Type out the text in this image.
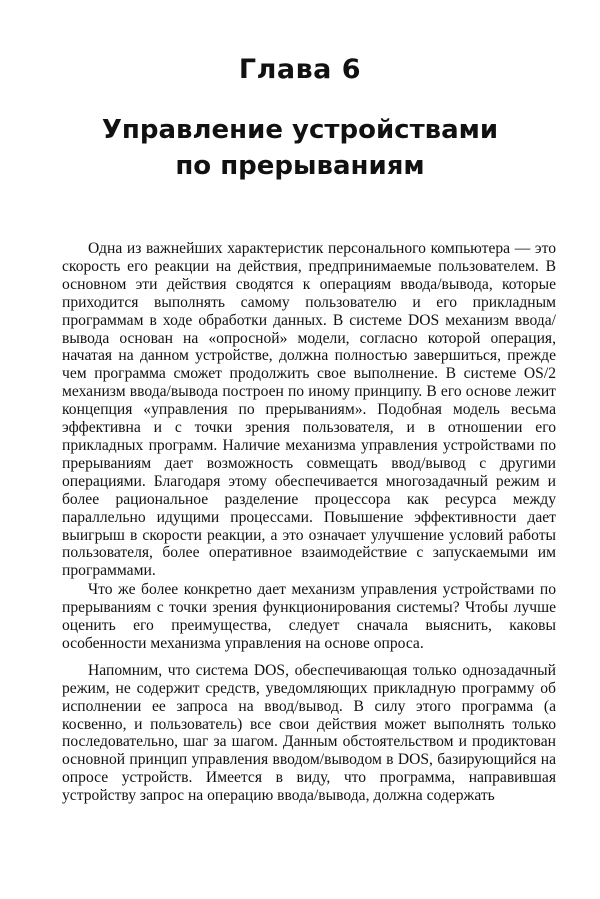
Глава 6
Управление устройствами
по прерываниям

Одна из важнейших характеристик персонального компьютера — это скорость его реакции на действия, предпринимаемые пользователем. В основном эти действия сводятся к операциям ввода/вывода, которые приходится выполнять самому пользователю и его прикладным программам в ходе обработки данных. В системе DOS механизм ввода/вывода основан на «опросной» модели, согласно которой операция, начатая на данном устройстве, должна полностью завершиться, прежде чем программа сможет продолжить свое выполнение. В системе OS/2 механизм ввода/вывода построен по иному принципу. В его основе лежит концепция «управления по прерываниям». Подобная модель весьма эффективна и с точки зрения пользователя, и в отношении его прикладных программ. Наличие механизма управления устройствами по прерываниям дает возможность совмещать ввод/вывод с другими операциями. Благодаря этому обеспечивается многозадачный режим и более рациональное разделение процессора как ресурса между параллельно идущими процессами. Повышение эффективности дает выигрыш в скорости реакции, а это означает улучшение условий работы пользователя, более оперативное взаимодействие с запускаемыми им программами.

Что же более конкретно дает механизм управления устройствами по прерываниям с точки зрения функционирования системы? Чтобы лучше оценить его преимущества, следует сначала выяснить, каковы особенности механизма управления на основе опроса.

Напомним, что система DOS, обеспечивающая только однозадачный режим, не содержит средств, уведомляющих прикладную программу об исполнении ее запроса на ввод/вывод. В силу этого программа (а косвенно, и пользователь) все свои действия может выполнять только последовательно, шаг за шагом. Данным обстоятельством и продиктован основной принцип управления вводом/выводом в DOS, базирующийся на опросе устройств. Имеется в виду, что программа, направившая устройству запрос на операцию ввода/вывода, должна содержать
